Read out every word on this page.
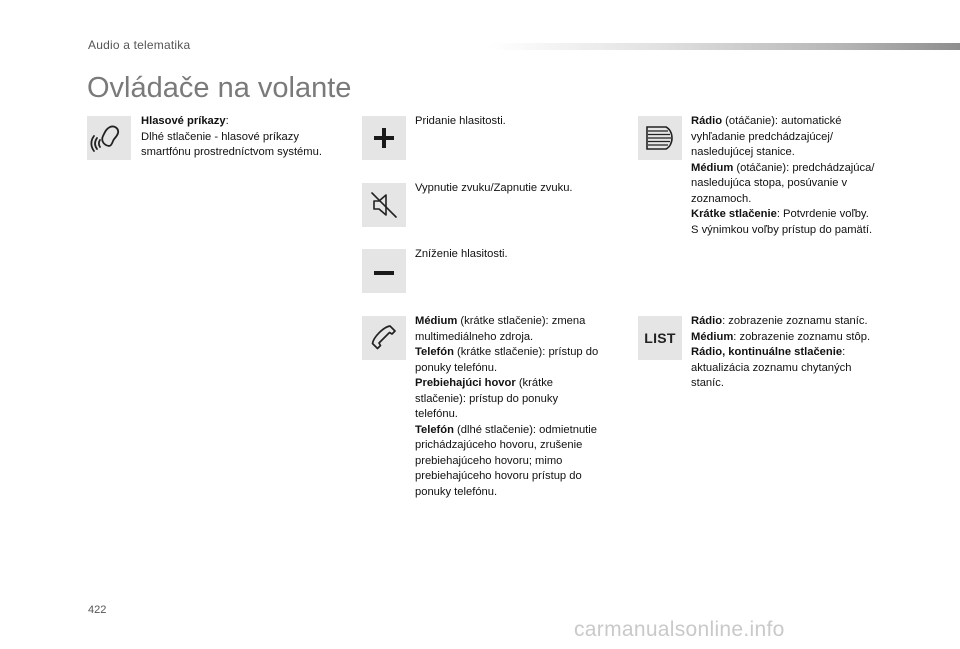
Audio a telematika
Ovládače na volante

Hlasové príkazy:

Dlhé stlačenie - hlasové príkazy

smartfónu prostredníctvom systému.

Pridanie hlasitosti.

Vypnutie zvuku/Zapnutie zvuku.

Zníženie hlasitosti.

Médium (krátke stlačenie): zmena

multimediálneho zdroja.

Telefón (krátke stlačenie): prístup do

ponuky telefónu.

Prebiehajúci hovor (krátke

stlačenie): prístup do ponuky

telefónu.

Telefón (dlhé stlačenie): odmietnutie

prichádzajúceho hovoru, zrušenie

prebiehajúceho hovoru; mimo

prebiehajúceho hovoru prístup do

ponuky telefónu.

Rádio (otáčanie): automatické

vyhľadanie predchádzajúcej/

nasledujúcej stanice.

Médium (otáčanie): predchádzajúca/

nasledujúca stopa, posúvanie v

zoznamoch.

Krátke stlačenie: Potvrdenie voľby.

S výnimkou voľby prístup do pamätí.

LIST

Rádio: zobrazenie zoznamu staníc.

Médium: zobrazenie zoznamu stôp.

Rádio, kontinuálne stlačenie:

aktualizácia zoznamu chytaných

staníc.

422
carmanualsonline.info
